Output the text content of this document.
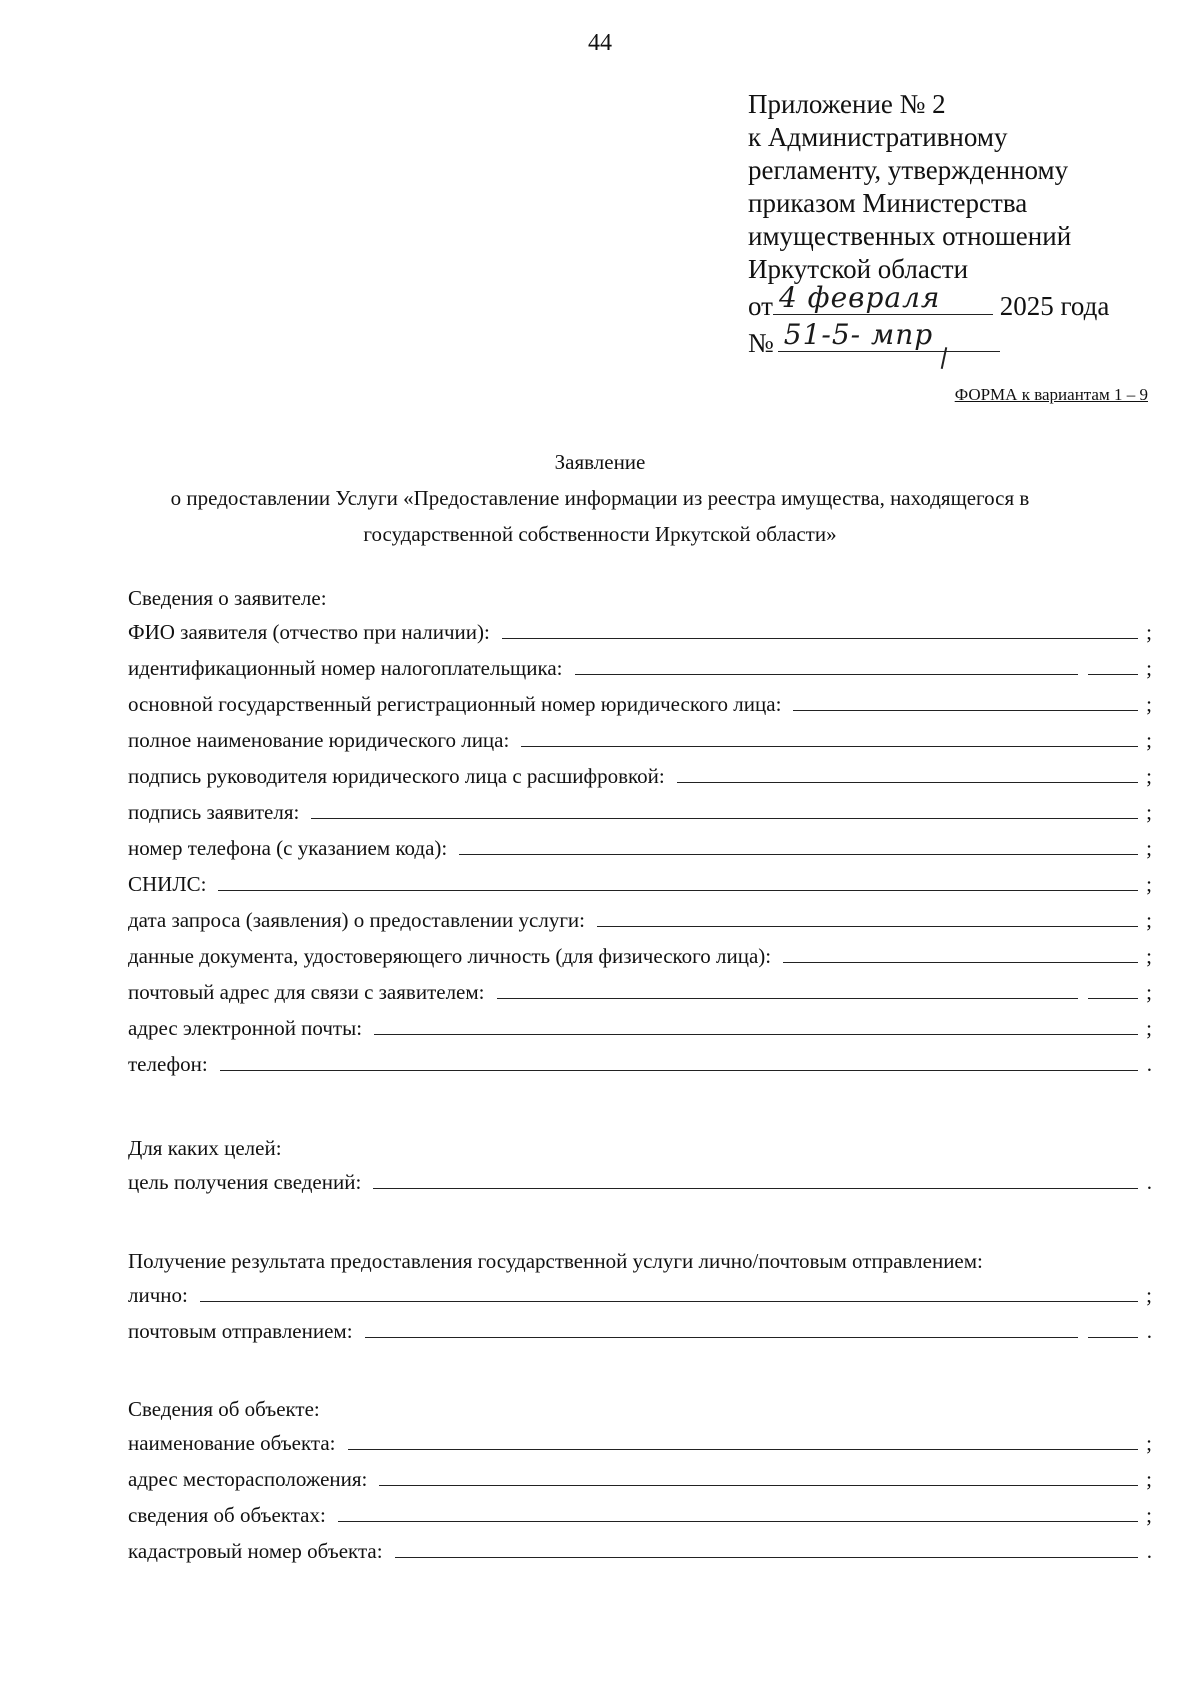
44
Приложение № 2
к Административному
регламенту, утвержденному
приказом Министерства
имущественных отношений
Иркутской области
от 4 февраля 2025 года
№ 51-5- мпр
ФОРМА к вариантам 1 – 9
Заявление
о предоставлении Услуги «Предоставление информации из реестра имущества, находящегося в
государственной собственности Иркутской области»
Сведения о заявителе:
ФИО заявителя (отчество при наличии):	;
идентификационный номер налогоплательщика:	;
основной государственный регистрационный номер юридического лица:	;
полное наименование юридического лица:	;
подпись руководителя юридического лица с расшифровкой:	;
подпись заявителя:	;
номер телефона (с указанием кода):	;
СНИЛС:	;
дата запроса (заявления) о предоставлении услуги:	;
данные документа, удостоверяющего личность (для физического лица):	;
почтовый адрес для связи с заявителем:	;
адрес электронной почты:	;
телефон:	.
Для каких целей:
цель получения сведений:	.
Получение результата предоставления государственной услуги лично/почтовым отправлением:
лично:	;
почтовым отправлением:	.
Сведения об объекте:
наименование объекта:	;
адрес месторасположения:	;
сведения об объектах:	;
кадастровый номер объекта:	.
